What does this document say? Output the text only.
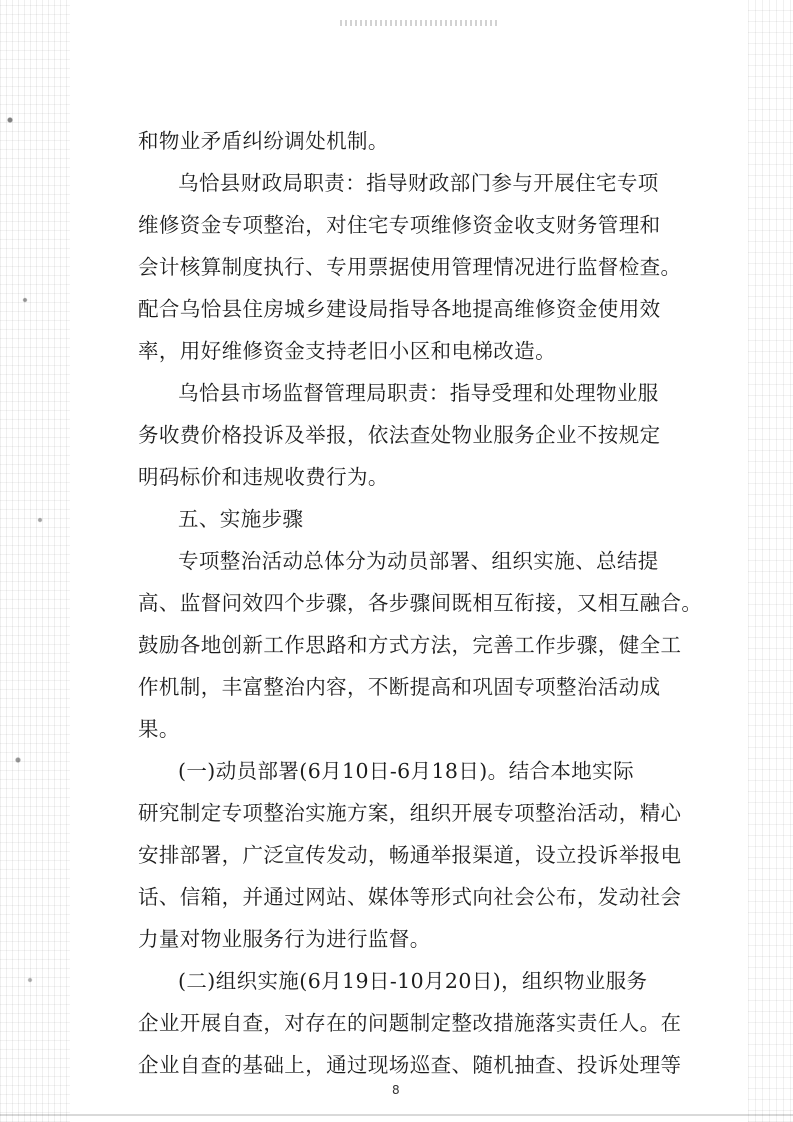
和物业矛盾纠纷调处机制。
乌恰县财政局职责：指导财政部门参与开展住宅专项
维修资金专项整治，对住宅专项维修资金收支财务管理和
会计核算制度执行、专用票据使用管理情况进行监督检查。
配合乌恰县住房城乡建设局指导各地提高维修资金使用效
率，用好维修资金支持老旧小区和电梯改造。
乌恰县市场监督管理局职责：指导受理和处理物业服
务收费价格投诉及举报，依法查处物业服务企业不按规定
明码标价和违规收费行为。
五、实施步骤
专项整治活动总体分为动员部署、组织实施、总结提
高、监督问效四个步骤，各步骤间既相互衔接，又相互融合。
鼓励各地创新工作思路和方式方法，完善工作步骤，健全工
作机制，丰富整治内容，不断提高和巩固专项整治活动成
果。
(一)动员部署(6月10日-6月18日)。结合本地实际
研究制定专项整治实施方案，组织开展专项整治活动，精心
安排部署，广泛宣传发动，畅通举报渠道，设立投诉举报电
话、信箱，并通过网站、媒体等形式向社会公布，发动社会
力量对物业服务行为进行监督。
(二)组织实施(6月19日-10月20日)，组织物业服务
企业开展自查，对存在的问题制定整改措施落实责任人。在
企业自查的基础上，通过现场巡查、随机抽查、投诉处理等
8
